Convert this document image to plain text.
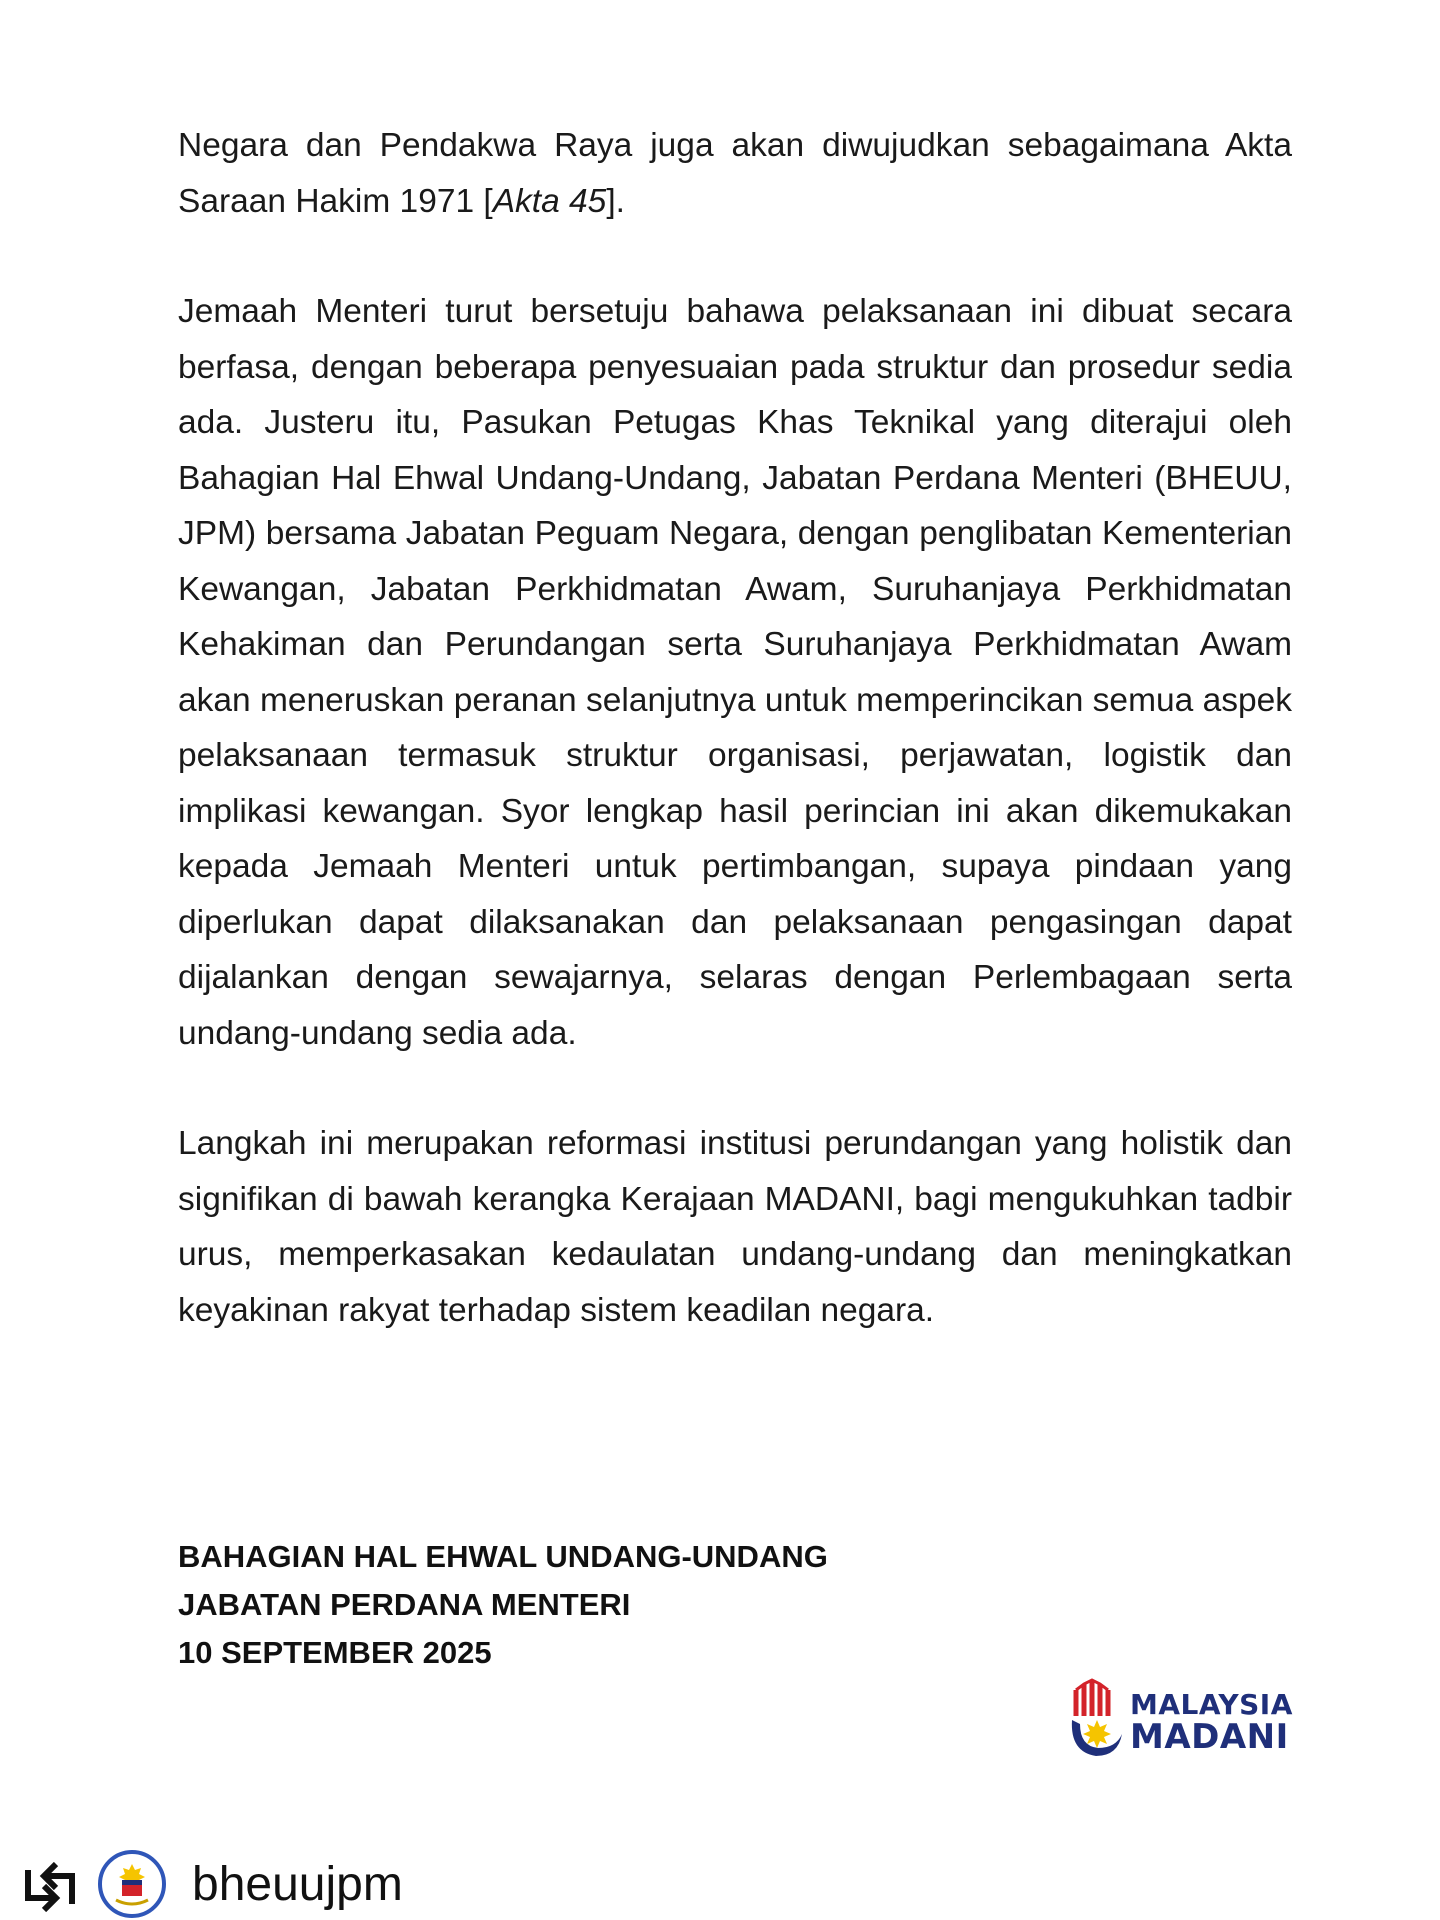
Negara dan Pendakwa Raya juga akan diwujudkan sebagaimana Akta Saraan Hakim 1971 [Akta 45].

Jemaah Menteri turut bersetuju bahawa pelaksanaan ini dibuat secara berfasa, dengan beberapa penyesuaian pada struktur dan prosedur sedia ada. Justeru itu, Pasukan Petugas Khas Teknikal yang diterajui oleh Bahagian Hal Ehwal Undang-Undang, Jabatan Perdana Menteri (BHEUU, JPM) bersama Jabatan Peguam Negara, dengan penglibatan Kementerian Kewangan, Jabatan Perkhidmatan Awam, Suruhanjaya Perkhidmatan Kehakiman dan Perundangan serta Suruhanjaya Perkhidmatan Awam akan meneruskan peranan selanjutnya untuk memperincikan semua aspek pelaksanaan termasuk struktur organisasi, perjawatan, logistik dan implikasi kewangan. Syor lengkap hasil perincian ini akan dikemukakan kepada Jemaah Menteri untuk pertimbangan, supaya pindaan yang diperlukan dapat dilaksanakan dan pelaksanaan pengasingan dapat dijalankan dengan sewajarnya, selaras dengan Perlembagaan serta undang-undang sedia ada.

Langkah ini merupakan reformasi institusi perundangan yang holistik dan signifikan di bawah kerangka Kerajaan MADANI, bagi mengukuhkan tadbir urus, memperkasakan kedaulatan undang-undang dan meningkatkan keyakinan rakyat terhadap sistem keadilan negara.

BAHAGIAN HAL EHWAL UNDANG-UNDANG
JABATAN PERDANA MENTERI
10 SEPTEMBER 2025
MALAYSIA
MADANI
bheuujpm
